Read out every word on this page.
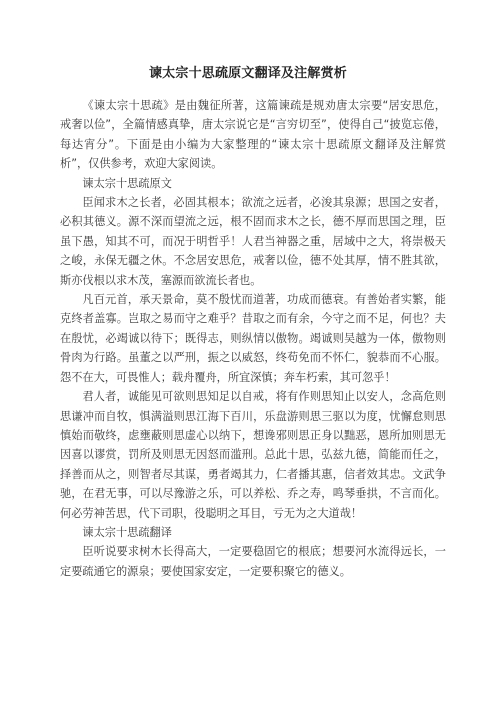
谏太宗十思疏原文翻译及注解赏析

《谏太宗十思疏》是由魏征所著，这篇谏疏是规劝唐太宗要“居安思危，戒奢以俭”，全篇情感真挚，唐太宗说它是“言穷切至”，使得自己“披览忘倦，每达宵分”。下面是由小编为大家整理的“谏太宗十思疏原文翻译及注解赏析”，仅供参考，欢迎大家阅读。

谏太宗十思疏原文

臣闻求木之长者，必固其根本；欲流之远者，必浚其泉源；思国之安者，必积其德义。源不深而望流之远，根不固而求木之长，德不厚而思国之理，臣虽下愚，知其不可，而况于明哲乎！人君当神器之重，居域中之大，将崇极天之峻，永保无疆之休。不念居安思危，戒奢以俭，德不处其厚，情不胜其欲，斯亦伐根以求木茂，塞源而欲流长者也。

凡百元首，承天景命，莫不殷忧而道著，功成而德衰。有善始者实繁，能克终者盖寡。岂取之易而守之难乎？昔取之而有余，今守之而不足，何也？夫在殷忧，必竭诚以待下；既得志，则纵情以傲物。竭诚则吴越为一体，傲物则骨肉为行路。虽董之以严刑，振之以威怒，终苟免而不怀仁，貌恭而不心服。怨不在大，可畏惟人；载舟覆舟，所宜深慎；奔车朽索，其可忽乎！

君人者，诚能见可欲则思知足以自戒，将有作则思知止以安人，念高危则思谦冲而自牧，惧满溢则思江海下百川，乐盘游则思三驱以为度，忧懈怠则思慎始而敬终，虑壅蔽则思虚心以纳下，想谗邪则思正身以黜恶，恩所加则思无因喜以谬赏，罚所及则思无因怒而滥刑。总此十思，弘兹九德，简能而任之，择善而从之，则智者尽其谋，勇者竭其力，仁者播其惠，信者效其忠。文武争驰，在君无事，可以尽豫游之乐，可以养松、乔之寿，鸣琴垂拱，不言而化。何必劳神苦思，代下司职，役聪明之耳目，亏无为之大道哉！

谏太宗十思疏翻译

臣听说要求树木长得高大，一定要稳固它的根底；想要河水流得远长，一定要疏通它的源泉；要使国家安定，一定要积聚它的德义。
